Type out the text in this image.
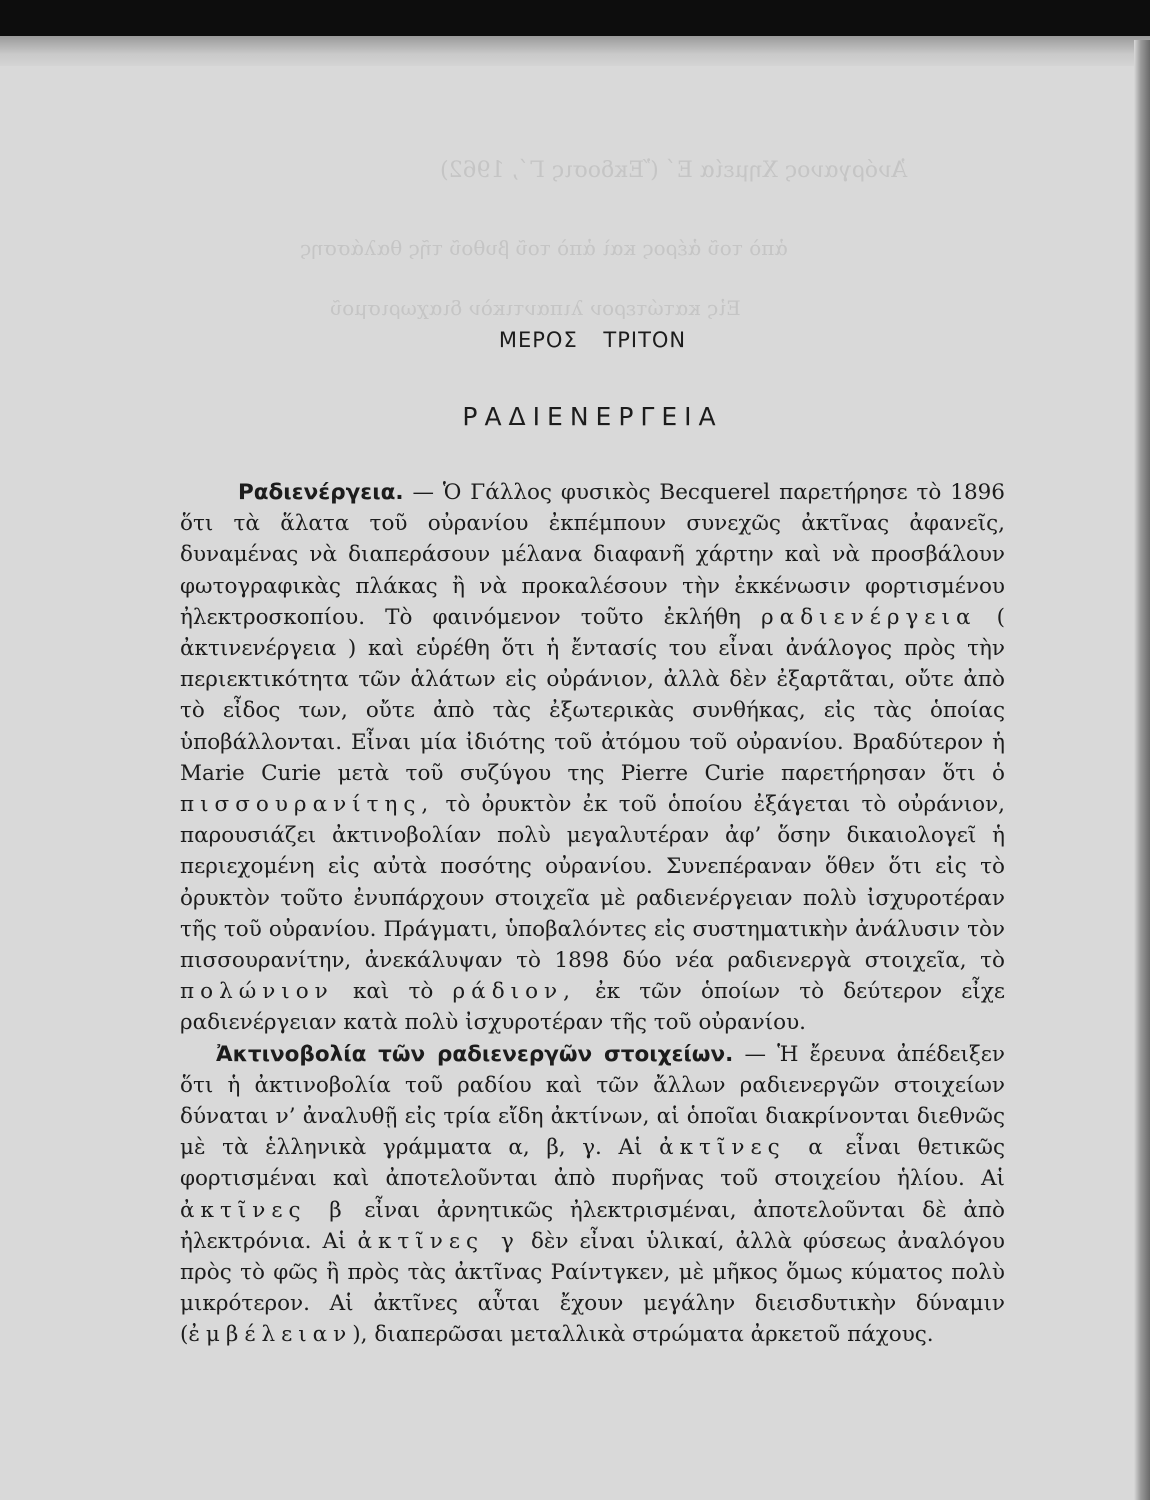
Ἀνόργανος Χημεία Ε΄ (Ἔκδοσις Γ΄, 1962)
ἀπὸ τοῦ ἀέρος καὶ ἀπὸ τοῦ βυθοῦ τῆς θαλάσσης
Εἰς κατώτερον λιπαντικὸν διαχωρισμοῦ
ΜΕΡΟΣ ΤΡΙΤΟΝ
ΡΑΔΙΕΝΕΡΓΕΙΑ

Ραδιενέργεια. — Ὁ Γάλλος φυσικὸς Becquerel παρετήρησε τὸ 1896 ὅτι τὰ ἅλατα τοῦ οὐρανίου ἐκπέμπουν συνεχῶς ἀκτῖνας ἀφανεῖς, δυναμένας νὰ διαπεράσουν μέλανα διαφανῆ χάρτην καὶ νὰ προσβάλουν φωτογραφικὰς πλάκας ἢ νὰ προκαλέσουν τὴν ἐκκένωσιν φορτισμένου ἠλεκτροσκοπίου. Τὸ φαινόμενον τοῦτο ἐκλήθη ραδιενέργεια ( ἀκτινενέργεια ) καὶ εὑρέθη ὅτι ἡ ἔντασίς του εἶναι ἀνάλογος πρὸς τὴν περιεκτικότητα τῶν ἁλάτων εἰς οὐράνιον, ἀλλὰ δὲν ἐξαρτᾶται, οὔτε ἀπὸ τὸ εἶδος των, οὔτε ἀπὸ τὰς ἐξωτερικὰς συνθήκας, εἰς τὰς ὁποίας ὑποβάλλονται. Εἶναι μία ἰδιότης τοῦ ἀτόμου τοῦ οὐρανίου. Βραδύτερον ἡ Marie Curie μετὰ τοῦ συζύγου της Pierre Curie παρετήρησαν ὅτι ὁ πισσουρανίτης, τὸ ὀρυκτὸν ἐκ τοῦ ὁποίου ἐξάγεται τὸ οὐράνιον, παρουσιάζει ἀκτινοβολίαν πολὺ μεγαλυτέραν ἀφ’ ὅσην δικαιολογεῖ ἡ περιεχομένη εἰς αὐτὰ ποσότης οὐρανίου. Συνεπέραναν ὅθεν ὅτι εἰς τὸ ὀρυκτὸν τοῦτο ἐνυπάρχουν στοιχεῖα μὲ ραδιενέργειαν πολὺ ἰσχυροτέραν τῆς τοῦ οὐρανίου. Πράγματι, ὑποβαλόντες εἰς συστηματικὴν ἀνάλυσιν τὸν πισσουρανίτην, ἀνεκάλυψαν τὸ 1898 δύο νέα ραδιενεργὰ στοιχεῖα, τὸ πολώνιον καὶ τὸ ράδιον, ἐκ τῶν ὁποίων τὸ δεύτερον εἶχε ραδιενέργειαν κατὰ πολὺ ἰσχυροτέραν τῆς τοῦ οὐρανίου.

Ἀκτινοβολία τῶν ραδιενεργῶν στοιχείων. — Ἡ ἔρευνα ἀπέδειξεν ὅτι ἡ ἀκτινοβολία τοῦ ραδίου καὶ τῶν ἄλλων ραδιενεργῶν στοιχείων δύναται ν’ ἀναλυθῇ εἰς τρία εἴδη ἀκτίνων, αἱ ὁποῖαι διακρίνονται διεθνῶς μὲ τὰ ἑλληνικὰ γράμματα α, β, γ. Αἱ ἀκτῖνες α εἶναι θετικῶς φορτισμέναι καὶ ἀποτελοῦνται ἀπὸ πυρῆνας τοῦ στοιχείου ἡλίου. Αἱ ἀκτῖνες β εἶναι ἀρνητικῶς ἠλεκτρισμέναι, ἀποτελοῦνται δὲ ἀπὸ ἠλεκτρόνια. Αἱ ἀκτῖνες γ δὲν εἶναι ὑλικαί, ἀλλὰ φύσεως ἀναλόγου πρὸς τὸ φῶς ἢ πρὸς τὰς ἀκτῖνας Ραίντγκεν, μὲ μῆκος ὅμως κύματος πολὺ μικρότερον. Αἱ ἀκτῖνες αὗται ἔχουν μεγάλην διεισδυτικὴν δύναμιν (ἐμβέλειαν), διαπερῶσαι μεταλλικὰ στρώματα ἀρκετοῦ πάχους.
